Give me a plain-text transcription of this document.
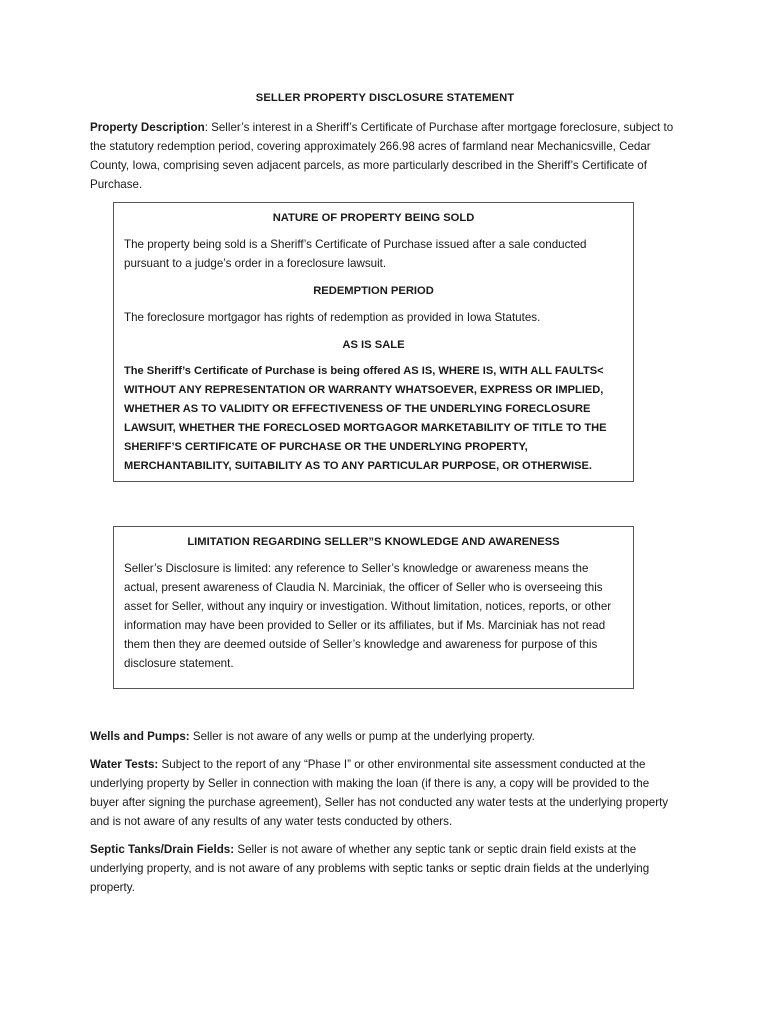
SELLER PROPERTY DISCLOSURE STATEMENT

Property Description: Seller’s interest in a Sheriff’s Certificate of Purchase after mortgage foreclosure, subject to the statutory redemption period, covering approximately 266.98 acres of farmland near Mechanicsville, Cedar County, Iowa, comprising seven adjacent parcels, as more particularly described in the Sheriff’s Certificate of Purchase.

NATURE OF PROPERTY BEING SOLD

The property being sold is a Sheriff’s Certificate of Purchase issued after a sale conducted pursuant to a judge’s order in a foreclosure lawsuit.

REDEMPTION PERIOD

The foreclosure mortgagor has rights of redemption as provided in Iowa Statutes.

AS IS SALE

The Sheriff’s Certificate of Purchase is being offered AS IS, WHERE IS, WITH ALL FAULTS< WITHOUT ANY REPRESENTATION OR WARRANTY WHATSOEVER, EXPRESS OR IMPLIED, WHETHER AS TO VALIDITY OR EFFECTIVENESS OF THE UNDERLYING FORECLOSURE LAWSUIT, WHETHER THE FORECLOSED MORTGAGOR MARKETABILITY OF TITLE TO THE SHERIFF’S CERTIFICATE OF PURCHASE OR THE UNDERLYING PROPERTY, MERCHANTABILITY, SUITABILITY AS TO ANY PARTICULAR PURPOSE, OR OTHERWISE.

LIMITATION REGARDING SELLER”S KNOWLEDGE AND AWARENESS

Seller’s Disclosure is limited: any reference to Seller’s knowledge or awareness means the actual, present awareness of Claudia N. Marciniak, the officer of Seller who is overseeing this asset for Seller, without any inquiry or investigation. Without limitation, notices, reports, or other information may have been provided to Seller or its affiliates, but if Ms. Marciniak has not read them then they are deemed outside of Seller’s knowledge and awareness for purpose of this disclosure statement.

Wells and Pumps: Seller is not aware of any wells or pump at the underlying property.

Water Tests: Subject to the report of any “Phase I” or other environmental site assessment conducted at the underlying property by Seller in connection with making the loan (if there is any, a copy will be provided to the buyer after signing the purchase agreement), Seller has not conducted any water tests at the underlying property and is not aware of any results of any water tests conducted by others.

Septic Tanks/Drain Fields: Seller is not aware of whether any septic tank or septic drain field exists at the underlying property, and is not aware of any problems with septic tanks or septic drain fields at the underlying property.
